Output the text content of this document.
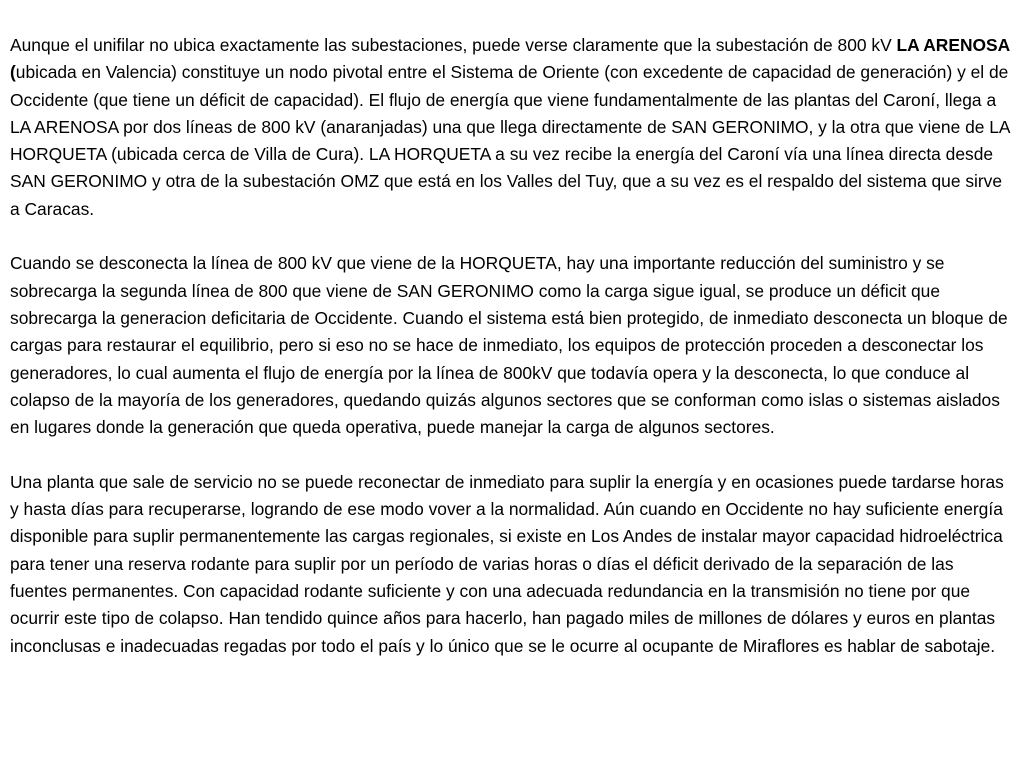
Aunque el unifilar no ubica exactamente las subestaciones, puede verse claramente que la subestación de 800 kV LA ARENOSA (ubicada en Valencia) constituye un nodo pivotal entre el Sistema de Oriente (con excedente de capacidad de generación) y el de Occidente (que tiene un déficit de capacidad). El flujo de energía que viene fundamentalmente de las plantas del Caroní, llega a LA ARENOSA por dos líneas de 800 kV (anaranjadas) una que llega directamente de SAN GERONIMO, y la otra que viene de LA HORQUETA (ubicada cerca de Villa de Cura). LA HORQUETA a su vez recibe la energía del Caroní vía una línea directa desde SAN GERONIMO y otra de la subestación OMZ que está en los Valles del Tuy, que a su vez es el respaldo del sistema que sirve a Caracas.

Cuando se desconecta la línea de 800 kV que viene de la HORQUETA, hay una importante reducción del suministro y se sobrecarga la segunda línea de 800 que viene de SAN GERONIMO como la carga sigue igual, se produce un déficit que sobrecarga la generacion deficitaria de Occidente. Cuando el sistema está bien protegido, de inmediato desconecta un bloque de cargas para restaurar el equilibrio, pero si eso no se hace de inmediato, los equipos de protección proceden a desconectar los generadores, lo cual aumenta el flujo de energía por la línea de 800kV que todavía opera y la desconecta, lo que conduce al colapso de la mayoría de los generadores, quedando quizás algunos sectores que se conforman como islas o sistemas aislados en lugares donde la generación que queda operativa, puede manejar la carga de algunos sectores.

Una planta que sale de servicio no se puede reconectar de inmediato para suplir la energía y en ocasiones puede tardarse horas y hasta días para recuperarse, logrando de ese modo vover a la normalidad. Aún cuando en Occidente no hay suficiente energía disponible para suplir permanentemente las cargas regionales, si existe en Los Andes de instalar mayor capacidad hidroeléctrica para tener una reserva rodante para suplir por un período de varias horas o días el déficit derivado de la separación de las fuentes permanentes. Con capacidad rodante suficiente y con una adecuada redundancia en la transmisión no tiene por que ocurrir este tipo de colapso. Han tendido quince años para hacerlo, han pagado miles de millones de dólares y euros en plantas inconclusas e inadecuadas regadas por todo el país y lo único que se le ocurre al ocupante de Miraflores es hablar de sabotaje.
